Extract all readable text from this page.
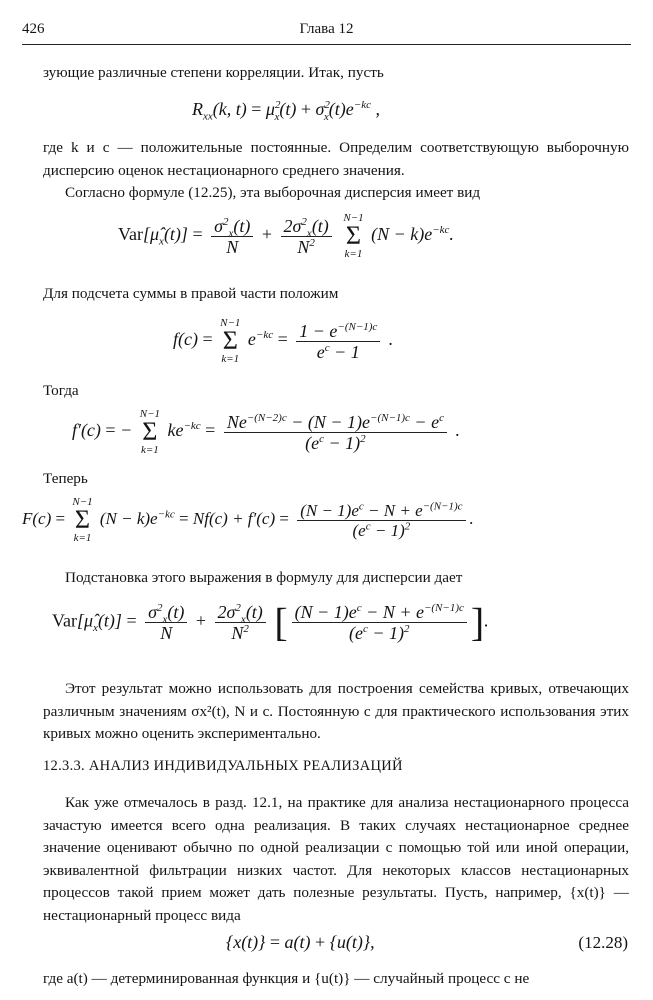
426	Глава 12

зующие различные степени корреляции. Итак, пусть

$R_{xx}(k$, $t) = \mu^2_x(t) + \sigma^2_x(t)e^{-kc}$ ,

где k и c — положительные постоянные. Определим соответствующую выборочную дисперсию оценок нестационарного среднего значения.

Согласно формуле (12.25), эта выборочная дисперсия имеет вид

$Var[\mû_x(t)] = \frac{\sigma^2_x(t)}{N} + \frac{2\sigma^2_x(t)}{N^2}$
N−1
Σ
k=1
$(N - k)e^{-kc}$.

Для подсчета суммы в правой части положим

f(c) =
N−1
Σ
k=1
$e^{-kc} = \frac{1 - e^{-(N-1)c}}{e^c - 1}$ .

Тогда

f′(c) = −
N−1
Σ
k=1
$ke^{-kc} = \frac{Ne^{-(N-2)c} - (N - 1)e^{-(N-1)c} - e^c}{(e^c - 1)^2}$ .

Теперь

F(c) =
N−1
Σ
k=1
$(N - k)e^{-kc} = Nf(c) + f'(c) = \frac{(N - 1)e^c - N + e^{-(N-1)c}}{(e^c - 1)^2}$ .

Подстановка этого выражения в формулу для дисперсии дает

$Var[\mû_x(t)] = \frac{\sigma^2_x(t)}{N} + \frac{2\sigma^2_x(t)}{N^2}$ [ $\frac{(N - 1)e^c - N + e^{-(N-1)c}}{(e^c - 1)^2}$ ].

Этот результат можно использовать для построения семейства кривых, отвечающих различным значениям σx²(t), N и c. Постоянную c для практического использования этих кривых можно оценить экспериментально.

12.3.3. АНАЛИЗ ИНДИВИДУАЛЬНЫХ РЕАЛИЗАЦИЙ

Как уже отмечалось в разд. 12.1, на практике для анализа нестационарного процесса зачастую имеется всего одна реализация. В таких случаях нестационарное среднее значение оценивают обычно по одной реализации с помощью той или иной операции, эквивалентной фильтрации низких частот. Для некоторых классов нестационарных процессов такой прием может дать полезные результаты. Пусть, например, {x(t)} — нестационарный процесс вида

{x(t)} = a(t) + {u(t)},	(12.28)

где a(t) — детерминированная функция и {u(t)} — случайный процесс с не
